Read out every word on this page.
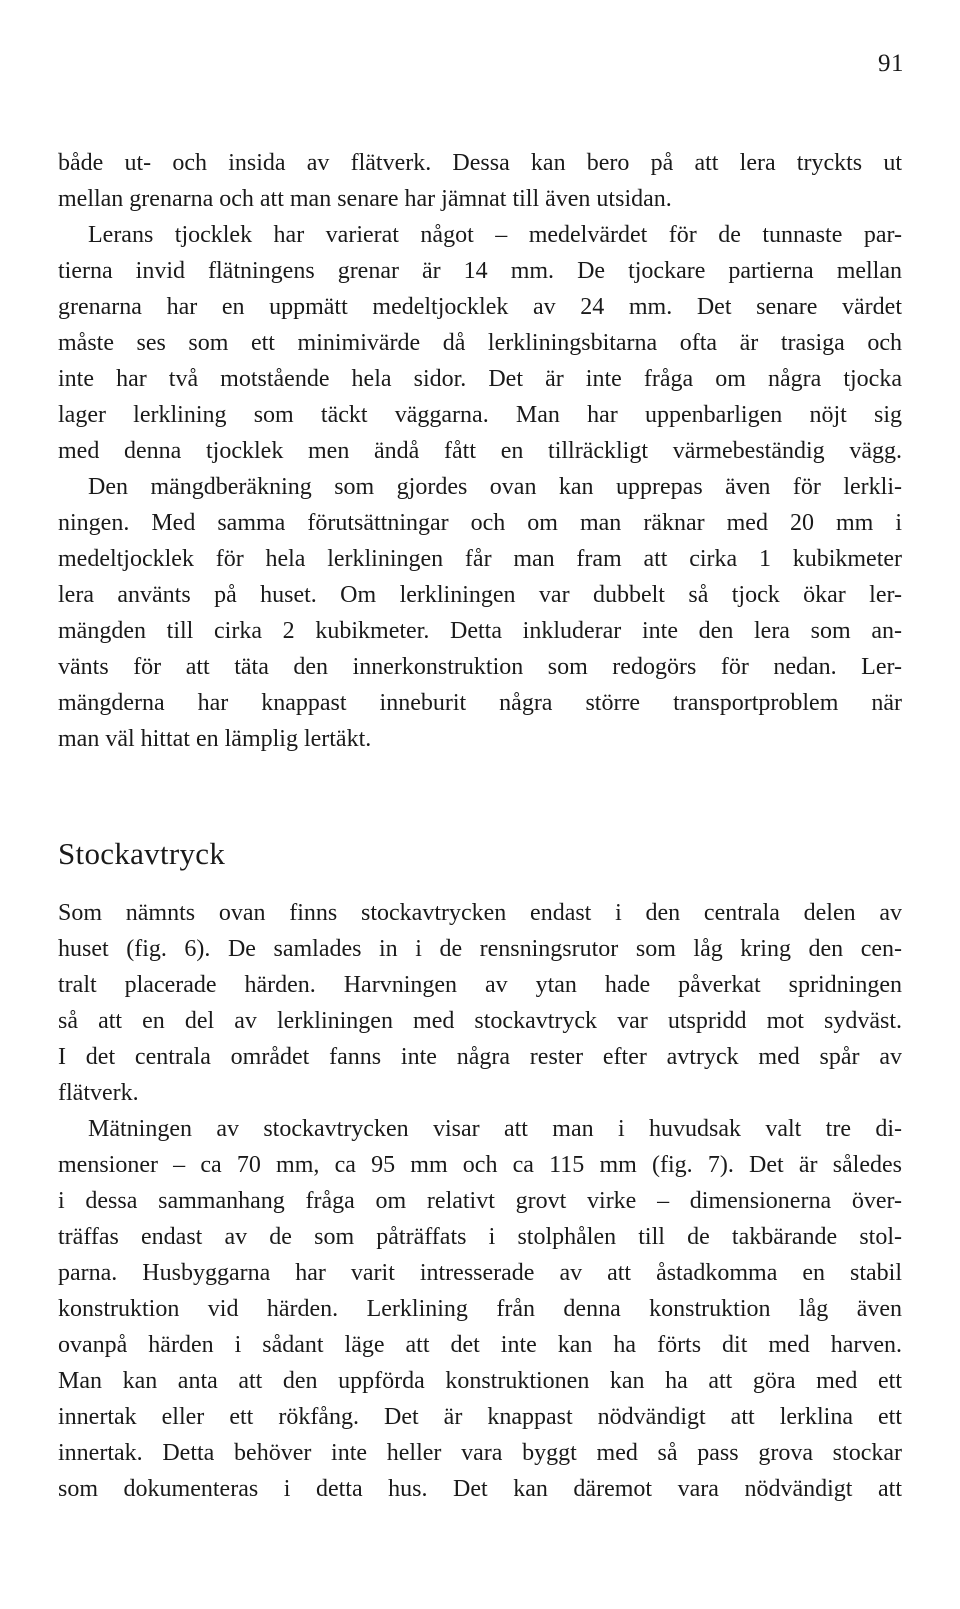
91
både ut- och insida av flätverk. Dessa kan bero på att lera tryckts ut
mellan grenarna och att man senare har jämnat till även utsidan.
Lerans tjocklek har varierat något – medelvärdet för de tunnaste par-
tierna invid flätningens grenar är 14 mm. De tjockare partierna mellan
grenarna har en uppmätt medeltjocklek av 24 mm. Det senare värdet
måste ses som ett minimivärde då lerkliningsbitarna ofta är trasiga och
inte har två motstående hela sidor. Det är inte fråga om några tjocka
lager lerklining som täckt väggarna. Man har uppenbarligen nöjt sig
med denna tjocklek men ändå fått en tillräckligt värmebeständig vägg.
Den mängdberäkning som gjordes ovan kan upprepas även för lerkli-
ningen. Med samma förutsättningar och om man räknar med 20 mm i
medeltjocklek för hela lerkliningen får man fram att cirka 1 kubikmeter
lera använts på huset. Om lerkliningen var dubbelt så tjock ökar ler-
mängden till cirka 2 kubikmeter. Detta inkluderar inte den lera som an-
vänts för att täta den innerkonstruktion som redogörs för nedan. Ler-
mängderna har knappast inneburit några större transportproblem när
man väl hittat en lämplig lertäkt.
Stockavtryck
Som nämnts ovan finns stockavtrycken endast i den centrala delen av
huset (fig. 6). De samlades in i de rensningsrutor som låg kring den cen-
tralt placerade härden. Harvningen av ytan hade påverkat spridningen
så att en del av lerkliningen med stockavtryck var utspridd mot sydväst.
I det centrala området fanns inte några rester efter avtryck med spår av
flätverk.
Mätningen av stockavtrycken visar att man i huvudsak valt tre di-
mensioner – ca 70 mm, ca 95 mm och ca 115 mm (fig. 7). Det är således
i dessa sammanhang fråga om relativt grovt virke – dimensionerna över-
träffas endast av de som påträffats i stolphålen till de takbärande stol-
parna. Husbyggarna har varit intresserade av att åstadkomma en stabil
konstruktion vid härden. Lerklining från denna konstruktion låg även
ovanpå härden i sådant läge att det inte kan ha förts dit med harven.
Man kan anta att den uppförda konstruktionen kan ha att göra med ett
innertak eller ett rökfång. Det är knappast nödvändigt att lerklina ett
innertak. Detta behöver inte heller vara byggt med så pass grova stockar
som dokumenteras i detta hus. Det kan däremot vara nödvändigt att
